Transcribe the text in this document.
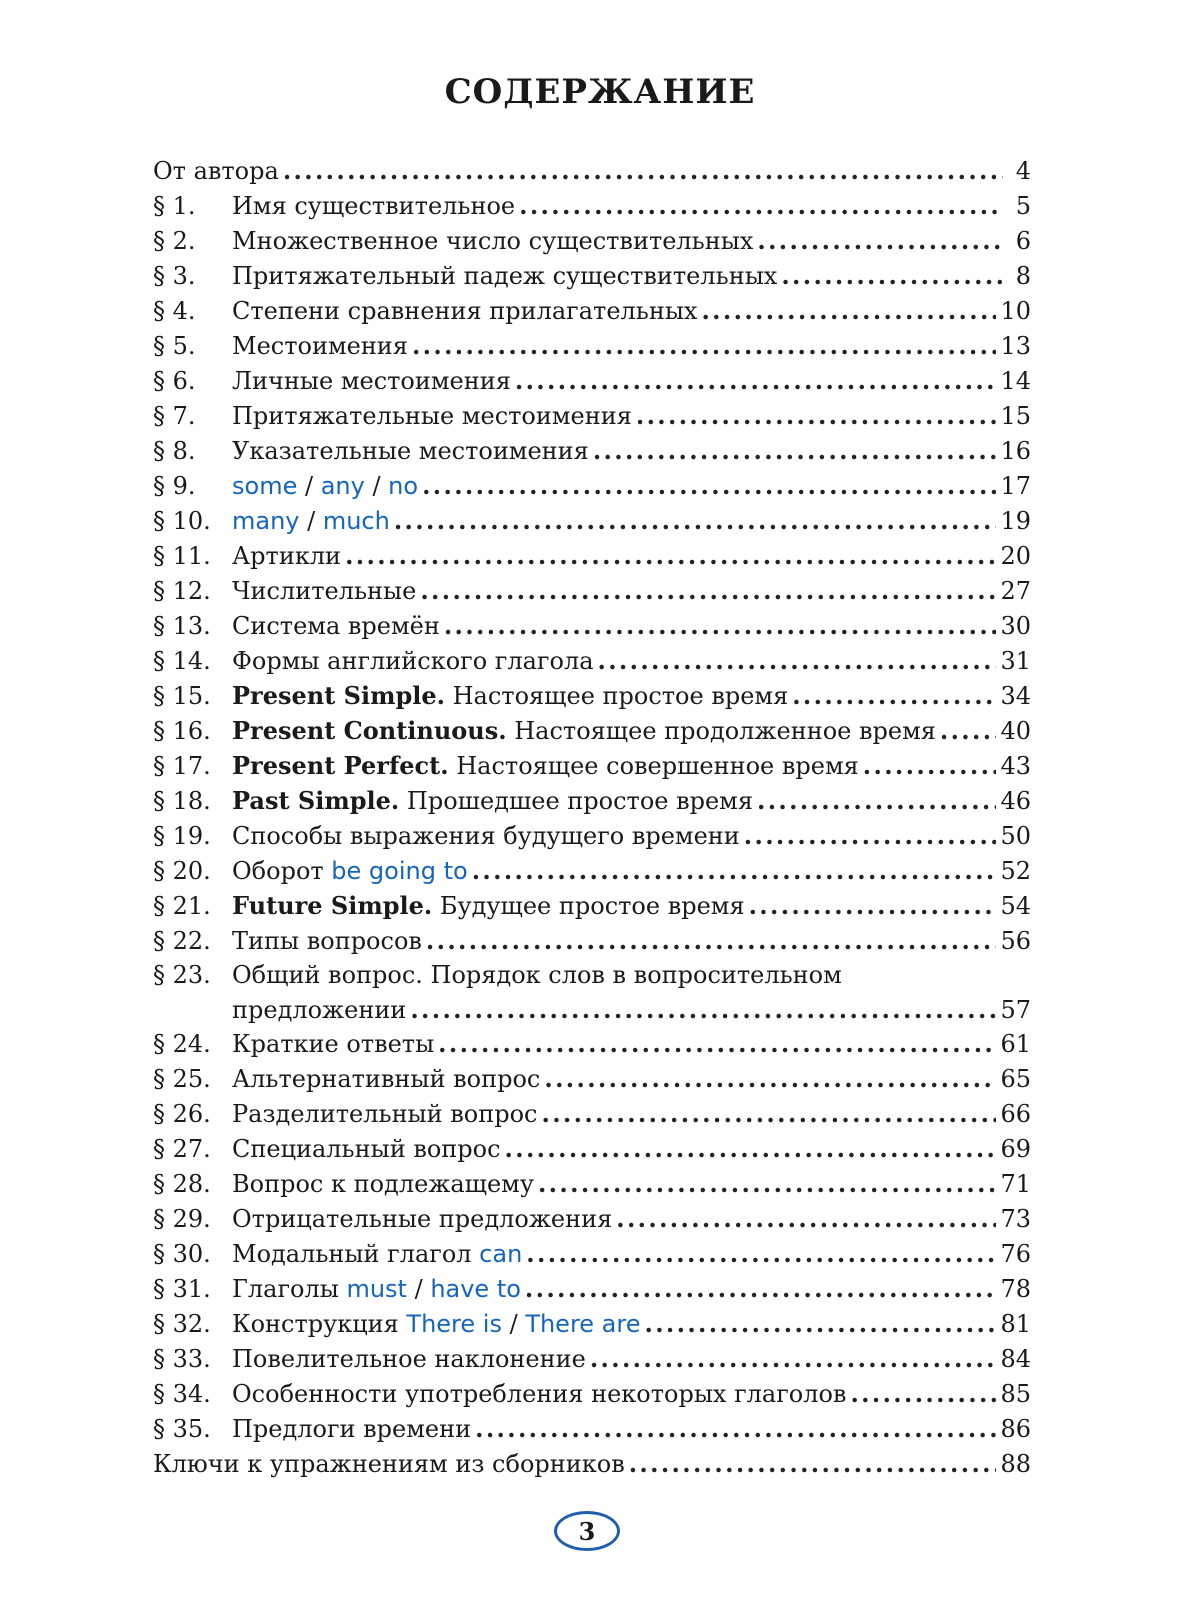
СОДЕРЖАНИЕ
От автора . . .	4
§ 1.	Имя существительное . . .	5
§ 2.	Множественное число существительных . . .	6
§ 3.	Притяжательный падеж существительных . . .	8
§ 4.	Степени сравнения прилагательных . . .	10
§ 5.	Местоимения . . .	13
§ 6.	Личные местоимения . . .	14
§ 7.	Притяжательные местоимения . . .	15
§ 8.	Указательные местоимения . . .	16
§ 9.	some / any / no . . .	17
§ 10. many / much . . .	19
§ 11. Артикли . . .	20
§ 12. Числительные . . .	27
§ 13. Система времён . . .	30
§ 14. Формы английского глагола . . .	31
§ 15. Present Simple. Настоящее простое время . . .	34
§ 16. Present Continuous. Настоящее продолженное время . . .	40
§ 17. Present Perfect. Настоящее совершенное время . . .	43
§ 18. Past Simple. Прошедшее простое время . . .	46
§ 19. Способы выражения будущего времени . . .	50
§ 20. Оборот be going to . . .	52
§ 21. Future Simple. Будущее простое время . . .	54
§ 22. Типы вопросов . . .	56
§ 23. Общий вопрос. Порядок слов в вопросительном
предложении . . .	57
§ 24. Краткие ответы . . .	61
§ 25. Альтернативный вопрос . . .	65
§ 26. Разделительный вопрос . . .	66
§ 27. Специальный вопрос . . .	69
§ 28. Вопрос к подлежащему . . .	71
§ 29. Отрицательные предложения . . .	73
§ 30. Модальный глагол can . . .	76
§ 31. Глаголы must / have to . . .	78
§ 32. Конструкция There is / There are . . .	81
§ 33. Повелительное наклонение . . .	84
§ 34. Особенности употребления некоторых глаголов . . .	85
§ 35. Предлоги времени . . .	86
Ключи к упражнениям из сборников . . .	88
3
